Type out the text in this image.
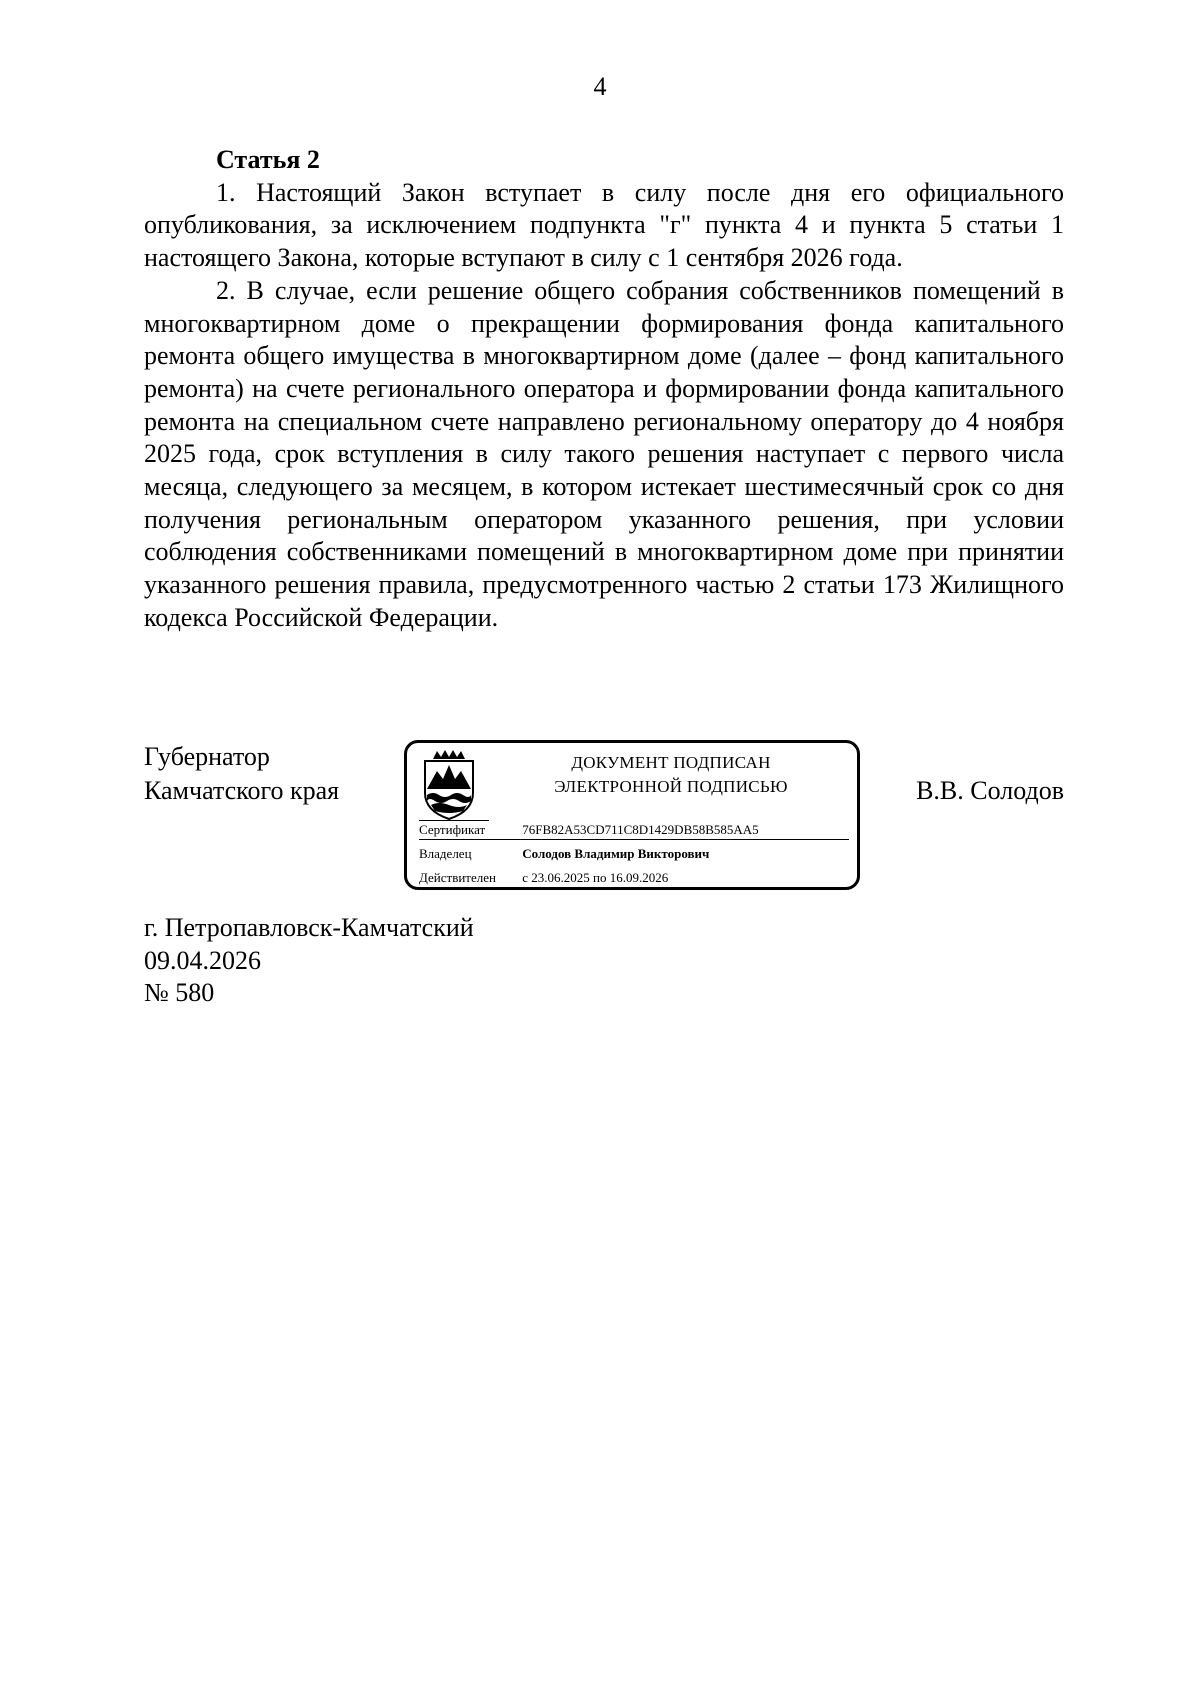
4

Статья 2

1. Настоящий Закон вступает в силу после дня его официального опубликования, за исключением подпункта "г" пункта 4 и пункта 5 статьи 1 настоящего Закона, которые вступают в силу с 1 сентября 2026 года.

2. В случае, если решение общего собрания собственников помещений в многоквартирном доме о прекращении формирования фонда капитального ремонта общего имущества в многоквартирном доме (далее – фонд капитального ремонта) на счете регионального оператора и формировании фонда капитального ремонта на специальном счете направлено региональному оператору до 4 ноября 2025 года, срок вступления в силу такого решения наступает с первого числа месяца, следующего за месяцем, в котором истекает шестимесячный срок со дня получения региональным оператором указанного решения, при условии соблюдения собственниками помещений в многоквартирном доме при принятии указанного решения правила, предусмотренного частью 2 статьи 173 Жилищного кодекса Российской Федерации.

Губернатор
Камчатского края
ДОКУМЕНТ ПОДПИСАН
ЭЛЕКТРОННОЙ ПОДПИСЬЮ
Сертификат	76FB82A53CD711C8D1429DB58B585AA5
Владелец	Солодов Владимир Викторович
Действителен с 23.06.2025 по 16.09.2026
В.В. Солодов
г. Петропавловск-Камчатский
09.04.2026
№ 580
